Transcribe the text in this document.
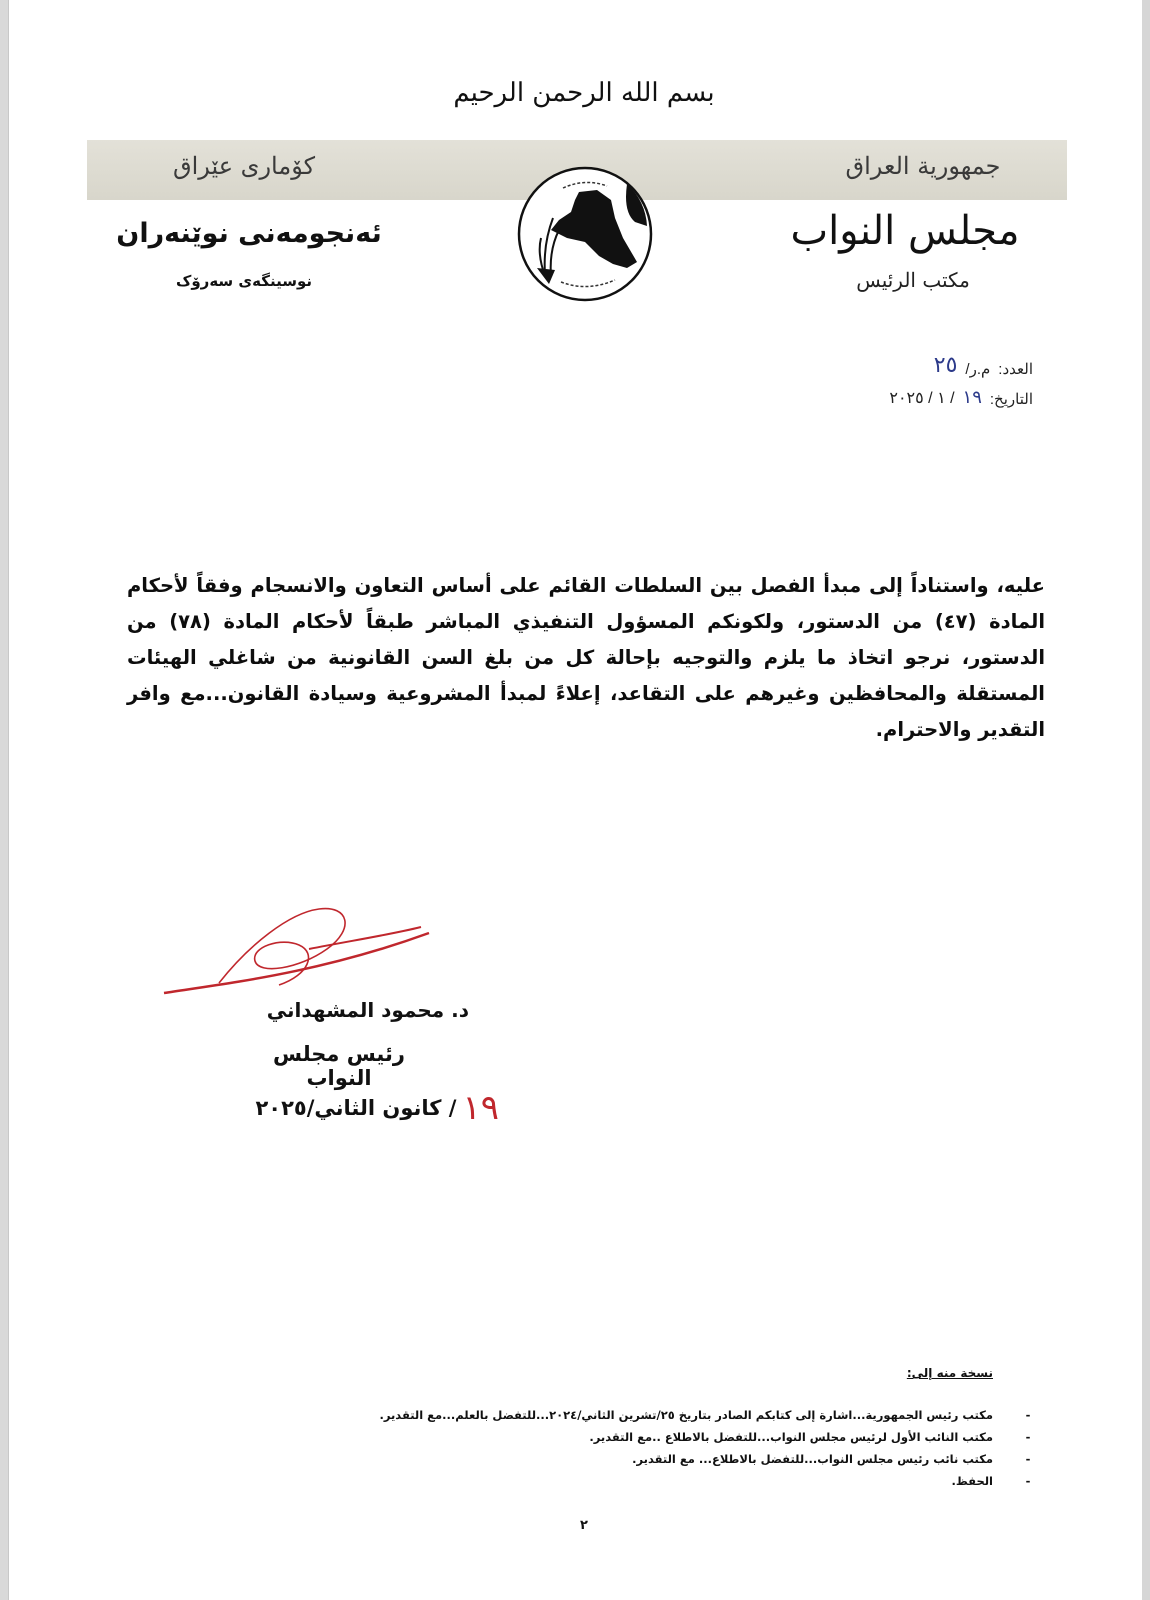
بسم الله الرحمن الرحيم
كۆماری عێراق	جمهورية العراق
ئەنجومەنی نوێنەران
نوسینگەی سەرۆک
مجلس النواب
مكتب الرئيس
العدد:
م.ر/
٢٥
التاريخ:
١٩
/ ١ / ٢٠٢٥

عليه، واستناداً إلى مبدأ الفصل بين السلطات القائم على أساس التعاون والانسجام وفقاً لأحكام المادة (٤٧) من الدستور، ولكونكم المسؤول التنفيذي المباشر طبقاً لأحكام المادة (٧٨) من الدستور، نرجو اتخاذ ما يلزم والتوجيه بإحالة كل من بلغ السن القانونية من شاغلي الهيئات المستقلة والمحافظين وغيرهم على التقاعد، إعلاءً لمبدأ المشروعية وسيادة القانون...مع وافر التقدير والاحترام.

د. محمود المشهداني
رئيس مجلس النواب
١٩
/ كانون الثاني/٢٠٢٥
نسخة منه إلى:
-
مكتب رئيس الجمهورية...اشارة إلى كتابكم الصادر بتاريخ ٢٥/تشرين الثاني/٢٠٢٤...للتفضل بالعلم...مع التقدير.
-
مكتب النائب الأول لرئيس مجلس النواب...للتفضل بالاطلاع ..مع التقدير.
-
مكتب نائب رئيس مجلس النواب...للتفضل بالاطلاع... مع التقدير.
-
الحفظ.
٢
